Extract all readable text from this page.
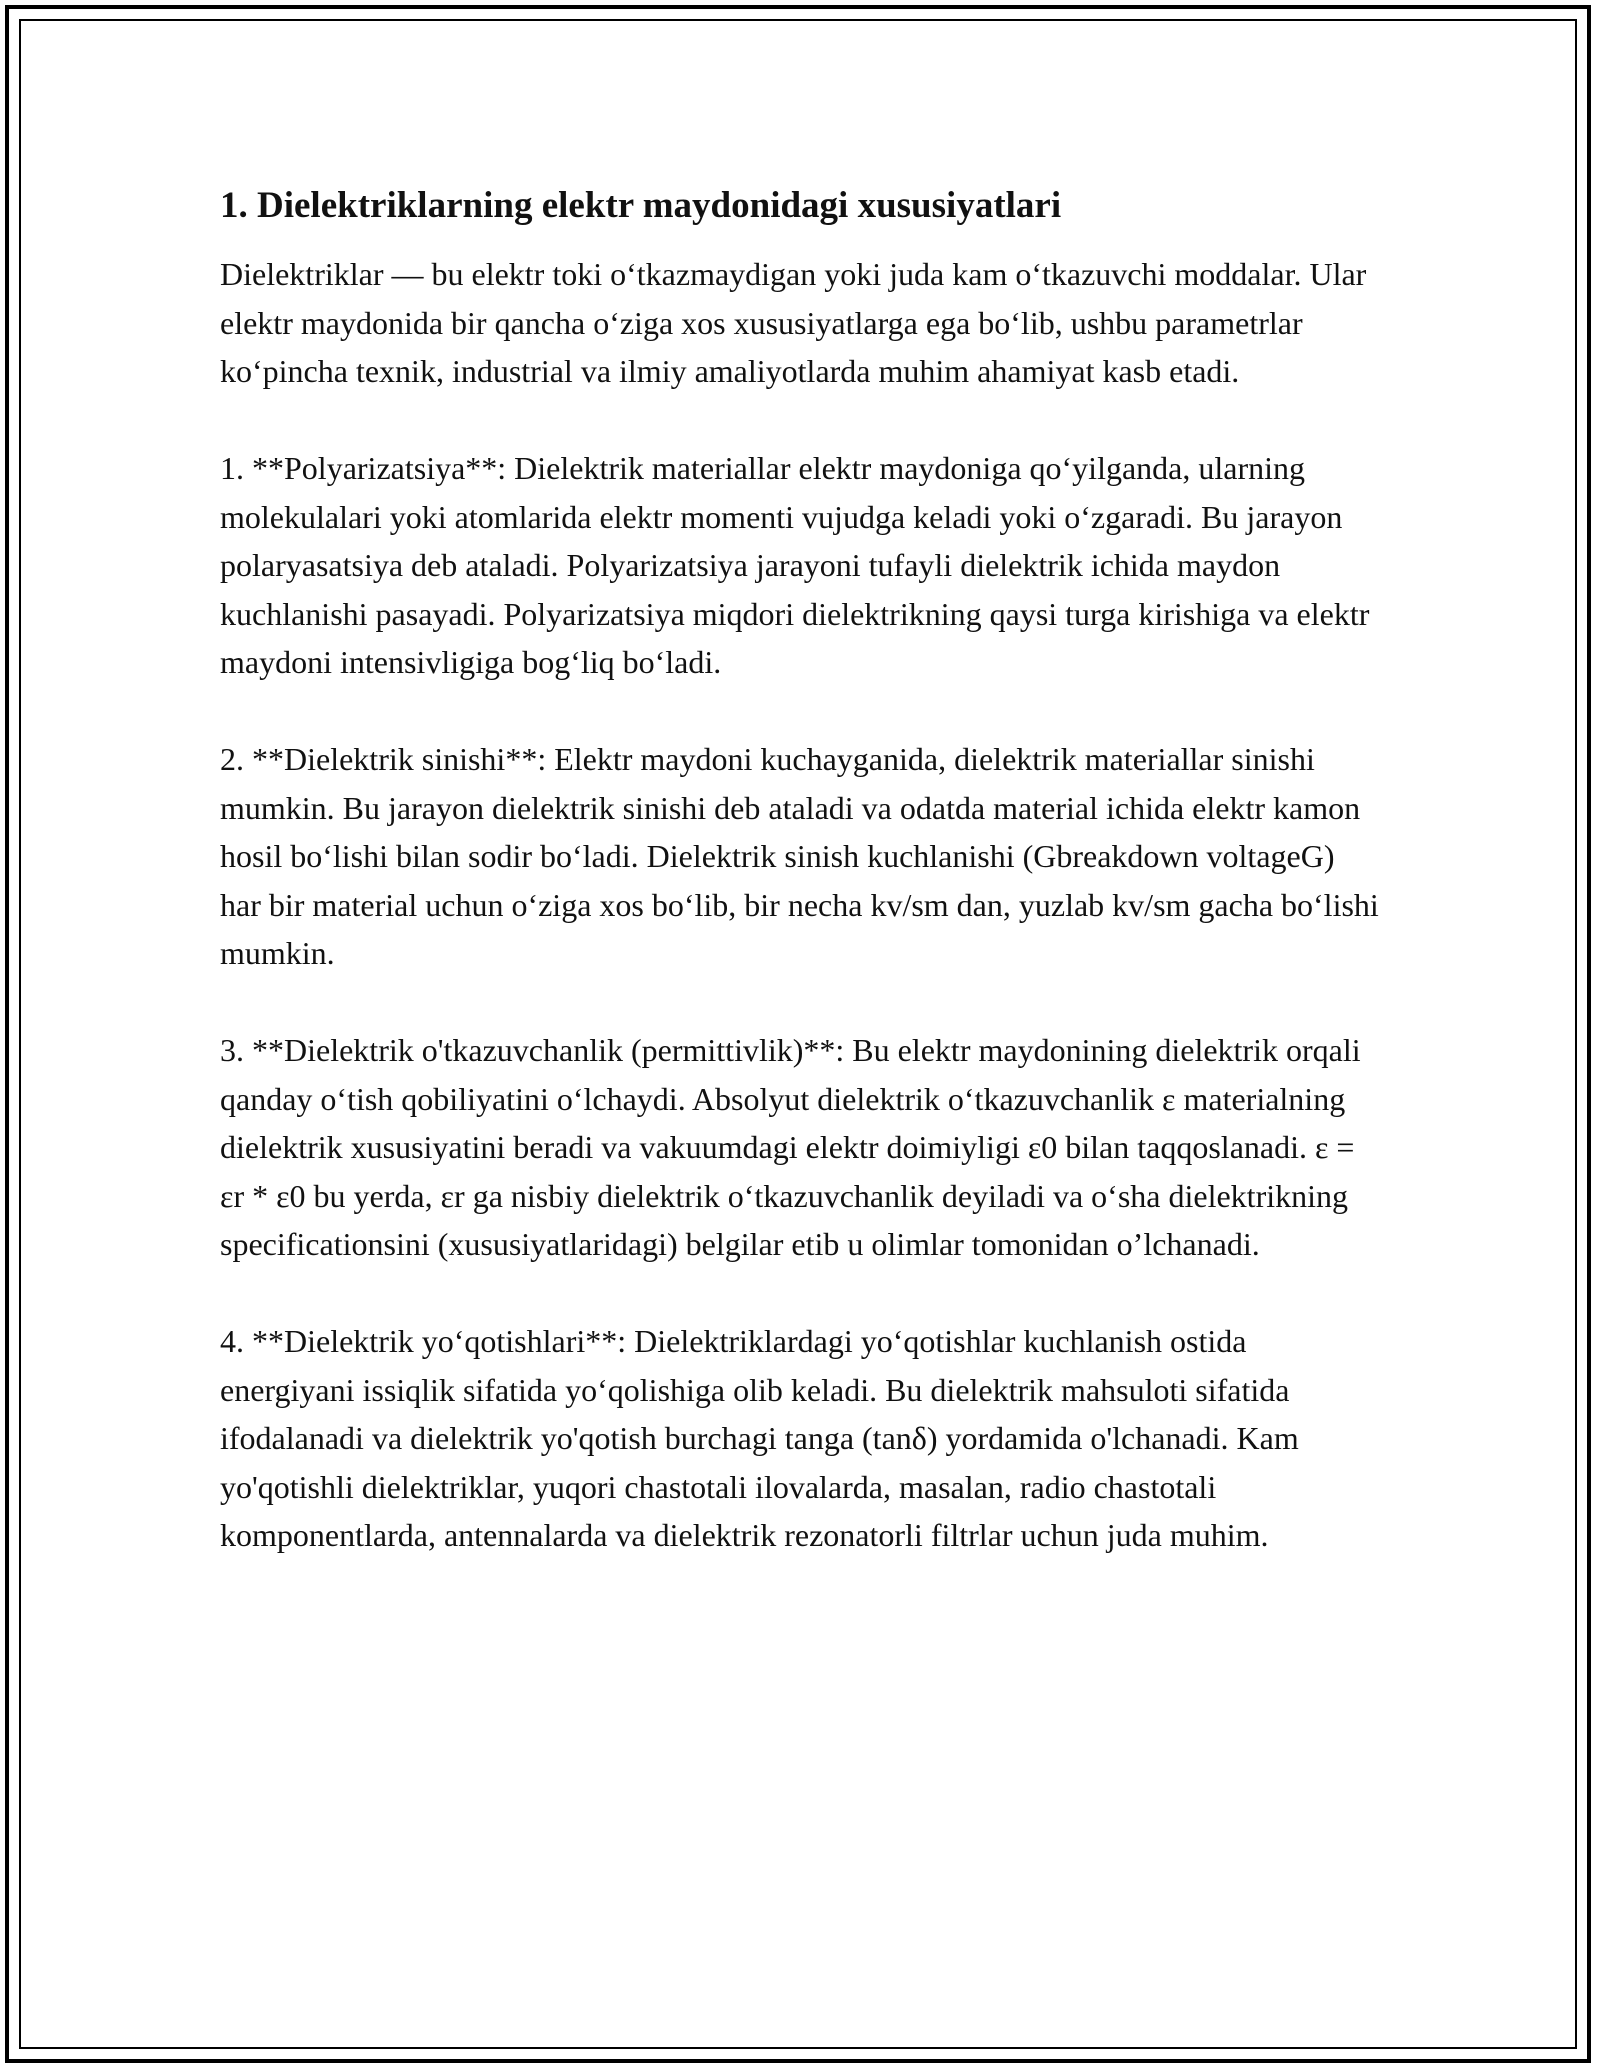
1. Dielektriklarning elektr maydonidagi xususiyatlari

Dielektriklar — bu elektr toki o‘tkazmaydigan yoki juda kam o‘tkazuvchi moddalar. Ular elektr maydonida bir qancha o‘ziga xos xususiyatlarga ega bo‘lib, ushbu parametrlar ko‘pincha texnik, industrial va ilmiy amaliyotlarda muhim ahamiyat kasb etadi.

1. **Polyarizatsiya**: Dielektrik materiallar elektr maydoniga qo‘yilganda, ularning molekulalari yoki atomlarida elektr momenti vujudga keladi yoki o‘zgaradi. Bu jarayon polaryasatsiya deb ataladi. Polyarizatsiya jarayoni tufayli dielektrik ichida maydon kuchlanishi pasayadi. Polyarizatsiya miqdori dielektrikning qaysi turga kirishiga va elektr maydoni intensivligiga bog‘liq bo‘ladi.

2. **Dielektrik sinishi**: Elektr maydoni kuchayganida, dielektrik materiallar sinishi mumkin. Bu jarayon dielektrik sinishi deb ataladi va odatda material ichida elektr kamon hosil bo‘lishi bilan sodir bo‘ladi. Dielektrik sinish kuchlanishi (Gbreakdown voltageG) har bir material uchun o‘ziga xos bo‘lib, bir necha kv/sm dan, yuzlab kv/sm gacha bo‘lishi mumkin.

3. **Dielektrik o'tkazuvchanlik (permittivlik)**: Bu elektr maydonining dielektrik orqali qanday o‘tish qobiliyatini o‘lchaydi. Absolyut dielektrik o‘tkazuvchanlik ε materialning dielektrik xususiyatini beradi va vakuumdagi elektr doimiyligi ε0 bilan taqqoslanadi. ε = εr * ε0 bu yerda, εr ga nisbiy dielektrik o‘tkazuvchanlik deyiladi va o‘sha dielektrikning specificationsini (xususiyatlaridagi) belgilar etib u olimlar tomonidan o’lchanadi.

4. **Dielektrik yo‘qotishlari**: Dielektriklardagi yo‘qotishlar kuchlanish ostida energiyani issiqlik sifatida yo‘qolishiga olib keladi. Bu dielektrik mahsuloti sifatida ifodalanadi va dielektrik yo'qotish burchagi tanga (tanδ) yordamida o'lchanadi. Kam yo'qotishli dielektriklar, yuqori chastotali ilovalarda, masalan, radio chastotali komponentlarda, antennalarda va dielektrik rezonatorli filtrlar uchun juda muhim.
